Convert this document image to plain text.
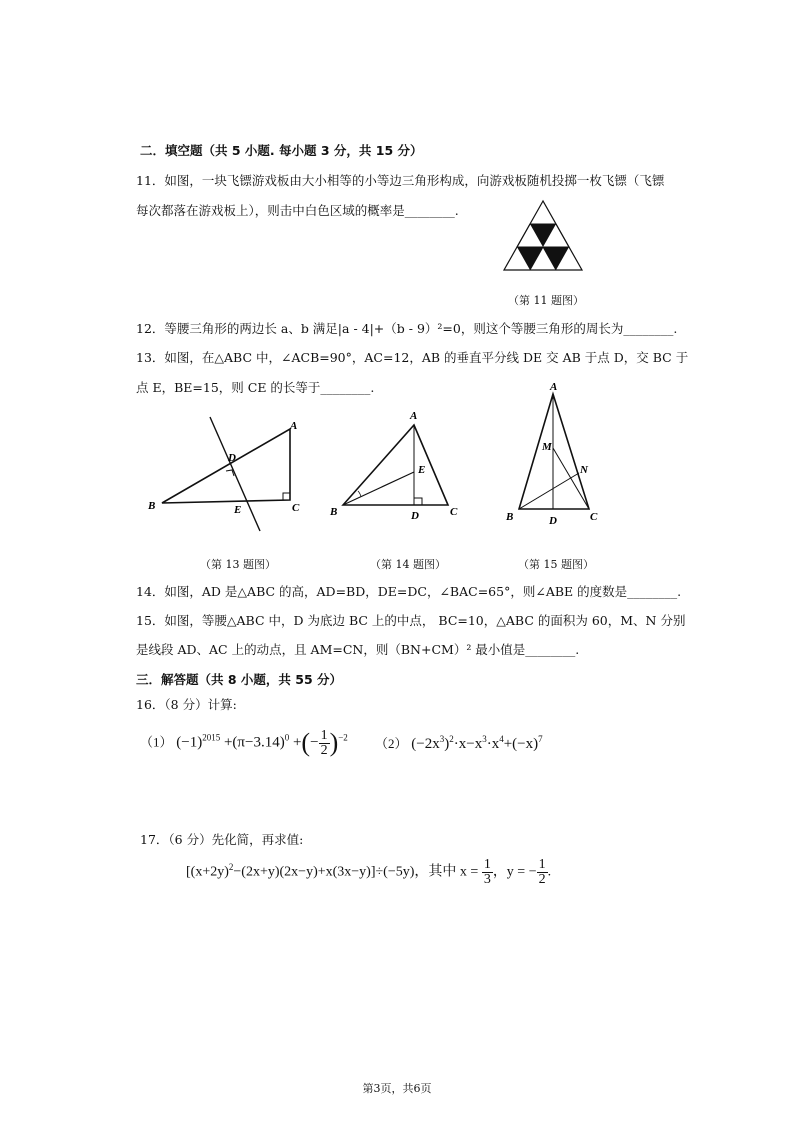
二．填空题（共 5 小题. 每小题 3 分，共 15 分）
11．如图，一块飞镖游戏板由大小相等的小等边三角形构成，向游戏板随机投掷一枚飞镖（飞镖
每次都落在游戏板上），则击中白色区域的概率是________.
（第 11 题图）
12．等腰三角形的两边长 a、b 满足|a - 4|+（b - 9）²=0，则这个等腰三角形的周长为________.
13．如图，在△ABC 中，∠ACB=90°，AC=12，AB 的垂直平分线 DE 交 AB 于点 D，交 BC 于
点 E，BE=15，则 CE 的长等于________.
B
A
C
D
E
（第 13 题图）
B
A
C
D
E
（第 14 题图）
A
B	C
D
M
N
（第 15 题图）
14．如图，AD 是△ABC 的高，AD=BD，DE=DC，∠BAC=65°，则∠ABE 的度数是________.
15．如图，等腰△ABC 中，D 为底边 BC 上的中点， BC=10，△ABC 的面积为 60，M、N 分别
是线段 AD、AC 上的动点，且 AM=CN，则（BN+CM）² 最小值是________.
三．解答题（共 8 小题，共 55 分）
16．（8 分）计算:
（1） $(-1)^{2015} +(\pi-3.14)^0$ +(− $\frac{1}{2} )^{-2}$ （2） $(-2x^3)^2\cdot x-x^3\cdot x^4+(-x)^7$
17．（6 分）先化简，再求值:
$[(x+2y)^2-(2x+y)(2x-y)+x(3x-y)]\div(-5y)$，其中 $x = \frac{1}{3}$ ，y = − $\frac{1}{2}$ .
第3页，共6页
